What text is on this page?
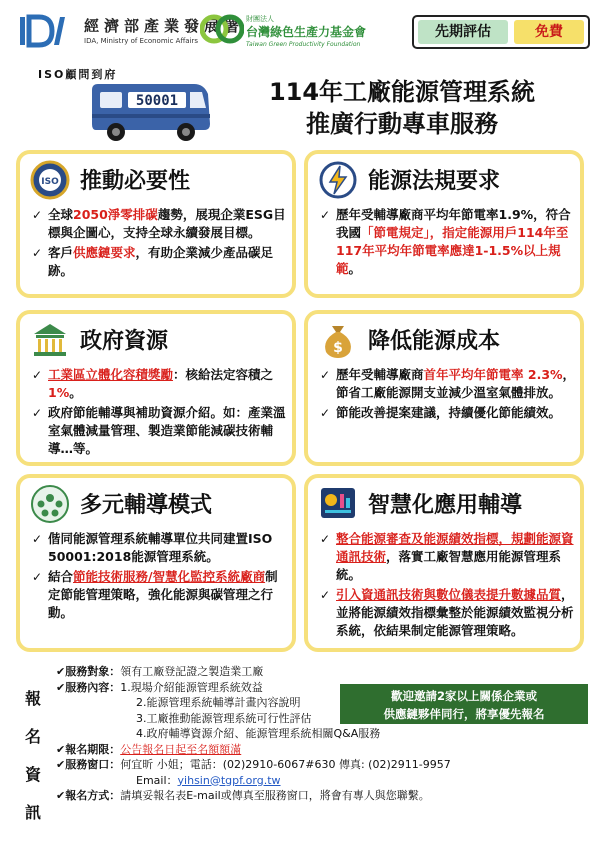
經濟部產業發展署
IDA, Ministry of Economic Affairs
財團法人
台灣綠色生產力基金會
Taiwan Green Productivity Foundation
先期評估	免費
ISO顧問到府
50001	114年工廠能源管理系統
推廣行動專車服務
ISO 推動必要性
✓ 全球2050淨零排碳趨勢，展現企業ESG目標與企圖心，支持全球永續發展目標。
✓ 客戶供應鏈要求，有助企業減少產品碳足跡。
能源法規要求
✓ 歷年受輔導廠商平均年節電率1.9%，符合我國「節電規定」，指定能源用戶114年至117年平均年節電率應達1-1.5%以上規範。
政府資源
✓ 工業區立體化容積獎勵：核給法定容積之1%。
✓ 政府節能輔導與補助資源介紹。如：產業溫室氣體減量管理、製造業節能減碳技術輔導…等。
$ 降低能源成本
✓ 歷年受輔導廠商首年平均年節電率 2.3%，節省工廠能源開支並減少溫室氣體排放。
✓ 節能改善提案建議，持續優化節能績效。
多元輔導模式
✓ 偕同能源管理系統輔導單位共同建置ISO 50001:2018能源管理系統。
✓ 結合節能技術服務/智慧化監控系統廠商制定節能管理策略，強化能源與碳管理之行動。
智慧化應用輔導
✓ 整合能源審查及能源績效指標，規劃能源資通訊技術，落實工廠智慧應用能源管理系統。
✓ 引入資通訊技術與數位儀表提升數據品質，並將能源績效指標彙整於能源績效監視分析系統，依結果制定能源管理策略。
報
名
資
訊
✔服務對象：領有工廠登記證之製造業工廠
✔服務內容：1.現場介紹能源管理系統效益
2.能源管理系統輔導計畫內容說明
3.工廠推動能源管理系統可行性評估
4.政府輔導資源介紹、能源管理系統相關Q&A服務
✔報名期限：公告報名日起至名額額滿
✔服務窗口：何宜昕 小姐；電話：(02)2910-6067#630 傳真: (02)2911-9957
Email：yihsin@tgpf.org.tw
✔報名方式：請填妥報名表E-mail或傳真至服務窗口，將會有專人與您聯繫。
歡迎邀請2家以上關係企業或
供應鏈夥伴同行，將享優先報名
